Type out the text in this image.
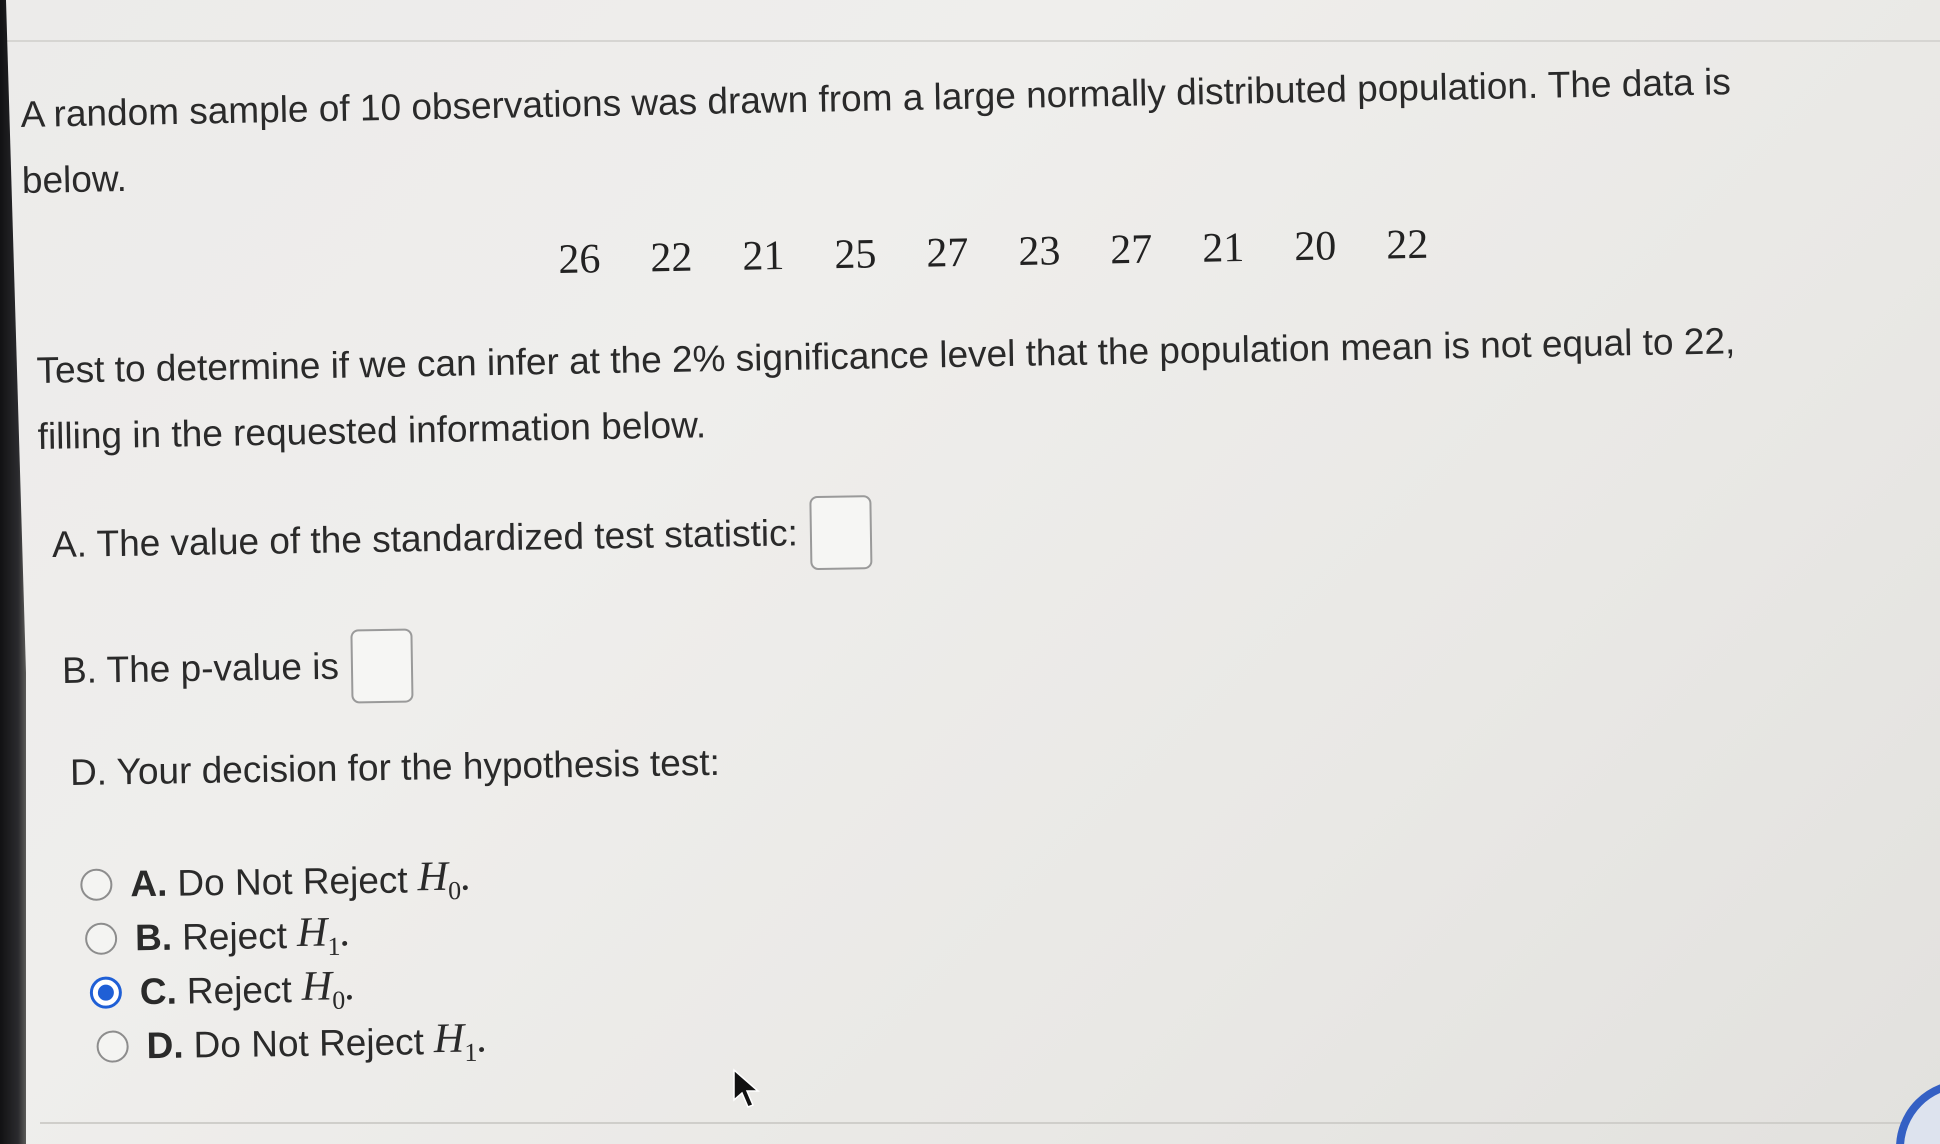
A random sample of 10 observations was drawn from a large normally distributed population. The data is
below.

26	22	21	25	27	23	27	21	20	22

Test to determine if we can infer at the 2% significance level that the population mean is not equal to 22,
filling in the requested information below.

A. The value of the standardized test statistic:
B. The p-value is
D. Your decision for the hypothesis test:
A. Do Not Reject $H_0$.
B. Reject $H_1$.
C. Reject $H_0$.
D. Do Not Reject $H_1$.
